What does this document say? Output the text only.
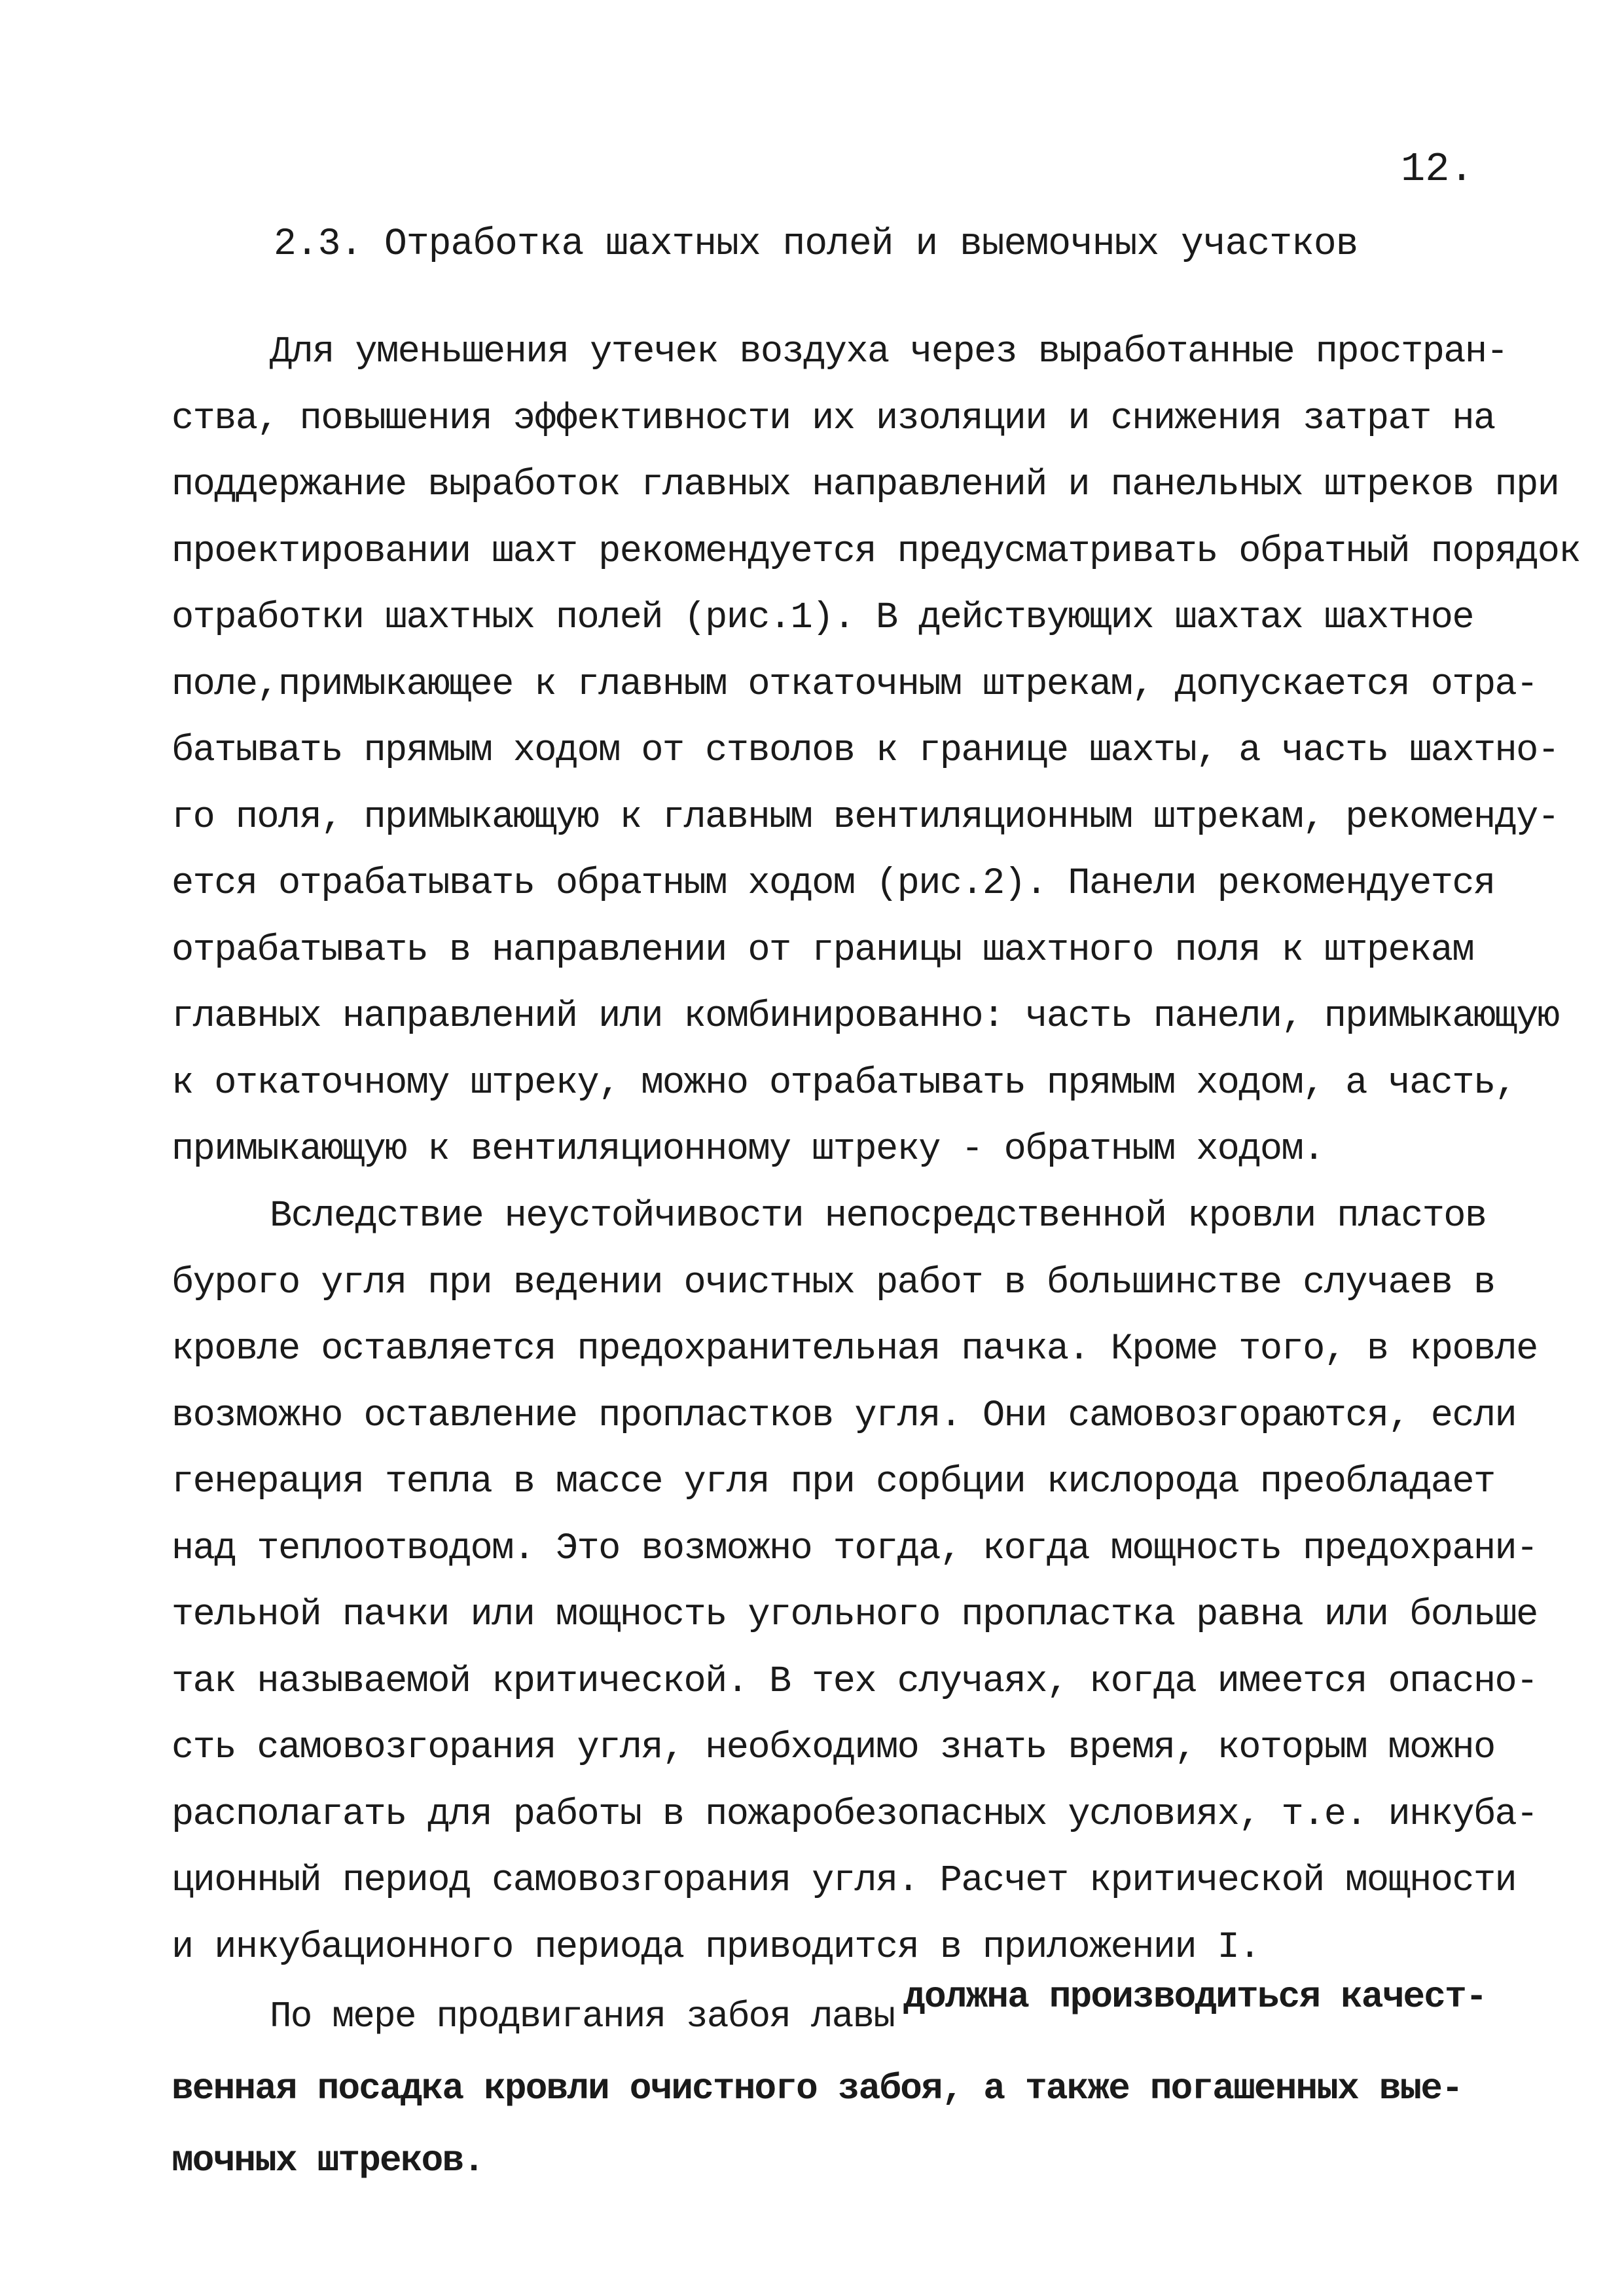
12.
2.3. Отработка шахтных полей и выемочных участков
Для уменьшения утечек воздуха через выработанные простран-
ства, повышения эффективности их изоляции и снижения затрат на
поддержание выработок главных направлений и панельных штреков при
проектировании шахт рекомендуется предусматривать обратный порядок
отработки шахтных полей (рис.1). В действующих шахтах шахтное
поле,примыкающее к главным откаточным штрекам, допускается отра-
батывать прямым ходом от стволов к границе шахты, а часть шахтно-
го поля, примыкающую к главным вентиляционным штрекам, рекоменду-
ется отрабатывать обратным ходом (рис.2). Панели рекомендуется
отрабатывать в направлении от границы шахтного поля к штрекам
главных направлений или комбинированно: часть панели, примыкающую
к откаточному штреку, можно отрабатывать прямым ходом, а часть,
примыкающую к вентиляционному штреку - обратным ходом.
Вследствие неустойчивости непосредственной кровли пластов
бурого угля при ведении очистных работ в большинстве случаев в
кровле оставляется предохранительная пачка. Кроме того, в кровле
возможно оставление пропластков угля. Они самовозгораются, если
генерация тепла в массе угля при сорбции кислорода преобладает
над теплоотводом. Это возможно тогда, когда мощность предохрани-
тельной пачки или мощность угольного пропластка равна или больше
так называемой критической. В тех случаях, когда имеется опасно-
сть самовозгорания угля, необходимо знать время, которым можно
располагать для работы в пожаробезопасных условиях, т.е. инкуба-
ционный период самовозгорания угля. Расчет критической мощности
и инкубационного периода приводится в приложении I.
По мере продвигания забоя лавы должна производиться качест-
венная посадка кровли очистного забоя, а также погашенных вые-
мочных штреков.
